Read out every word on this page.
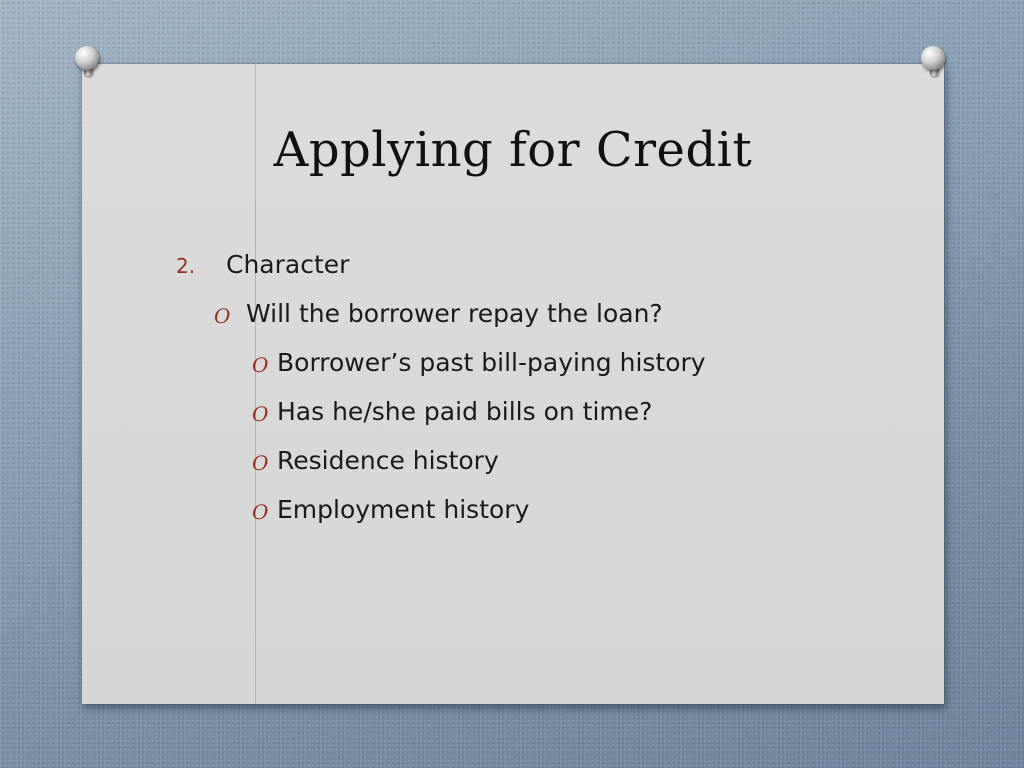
Applying for Credit
2. Character
O Will the borrower repay the loan?
O Borrower’s past bill-paying history
O Has he/she paid bills on time?
O Residence history
O Employment history
